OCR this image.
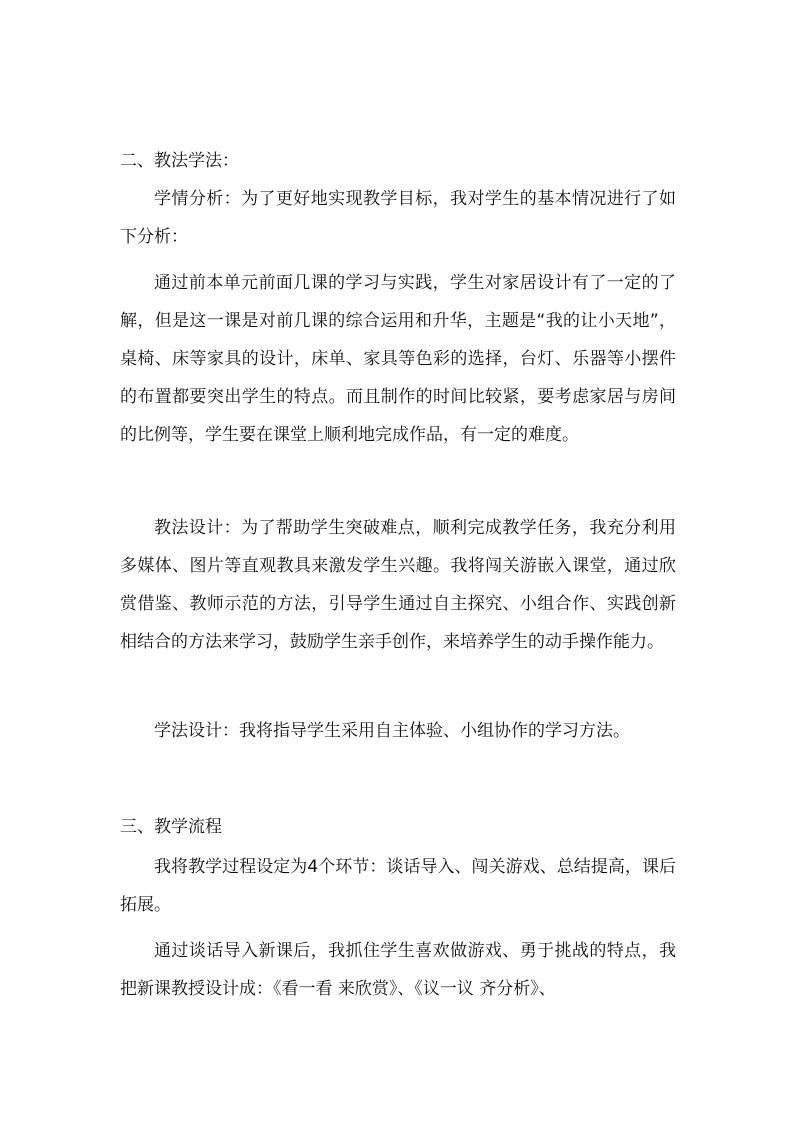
二、教法学法：

学情分析：为了更好地实现教学目标，我对学生的基本情况进行了如下分析：

通过前本单元前面几课的学习与实践，学生对家居设计有了一定的了解，但是这一课是对前几课的综合运用和升华，主题是“我的让小天地”，桌椅、床等家具的设计，床单、家具等色彩的选择，台灯、乐器等小摆件的布置都要突出学生的特点。而且制作的时间比较紧，要考虑家居与房间的比例等，学生要在课堂上顺利地完成作品，有一定的难度。

教法设计：为了帮助学生突破难点，顺利完成教学任务，我充分利用多媒体、图片等直观教具来激发学生兴趣。我将闯关游嵌入课堂，通过欣赏借鉴、教师示范的方法，引导学生通过自主探究、小组合作、实践创新相结合的方法来学习，鼓励学生亲手创作，来培养学生的动手操作能力。

学法设计：我将指导学生采用自主体验、小组协作的学习方法。

三、教学流程

我将教学过程设定为4个环节：谈话导入、闯关游戏、总结提高，课后拓展。

通过谈话导入新课后，我抓住学生喜欢做游戏、勇于挑战的特点，我把新课教授设计成：《看一看 来欣赏》、《议一议 齐分析》、
